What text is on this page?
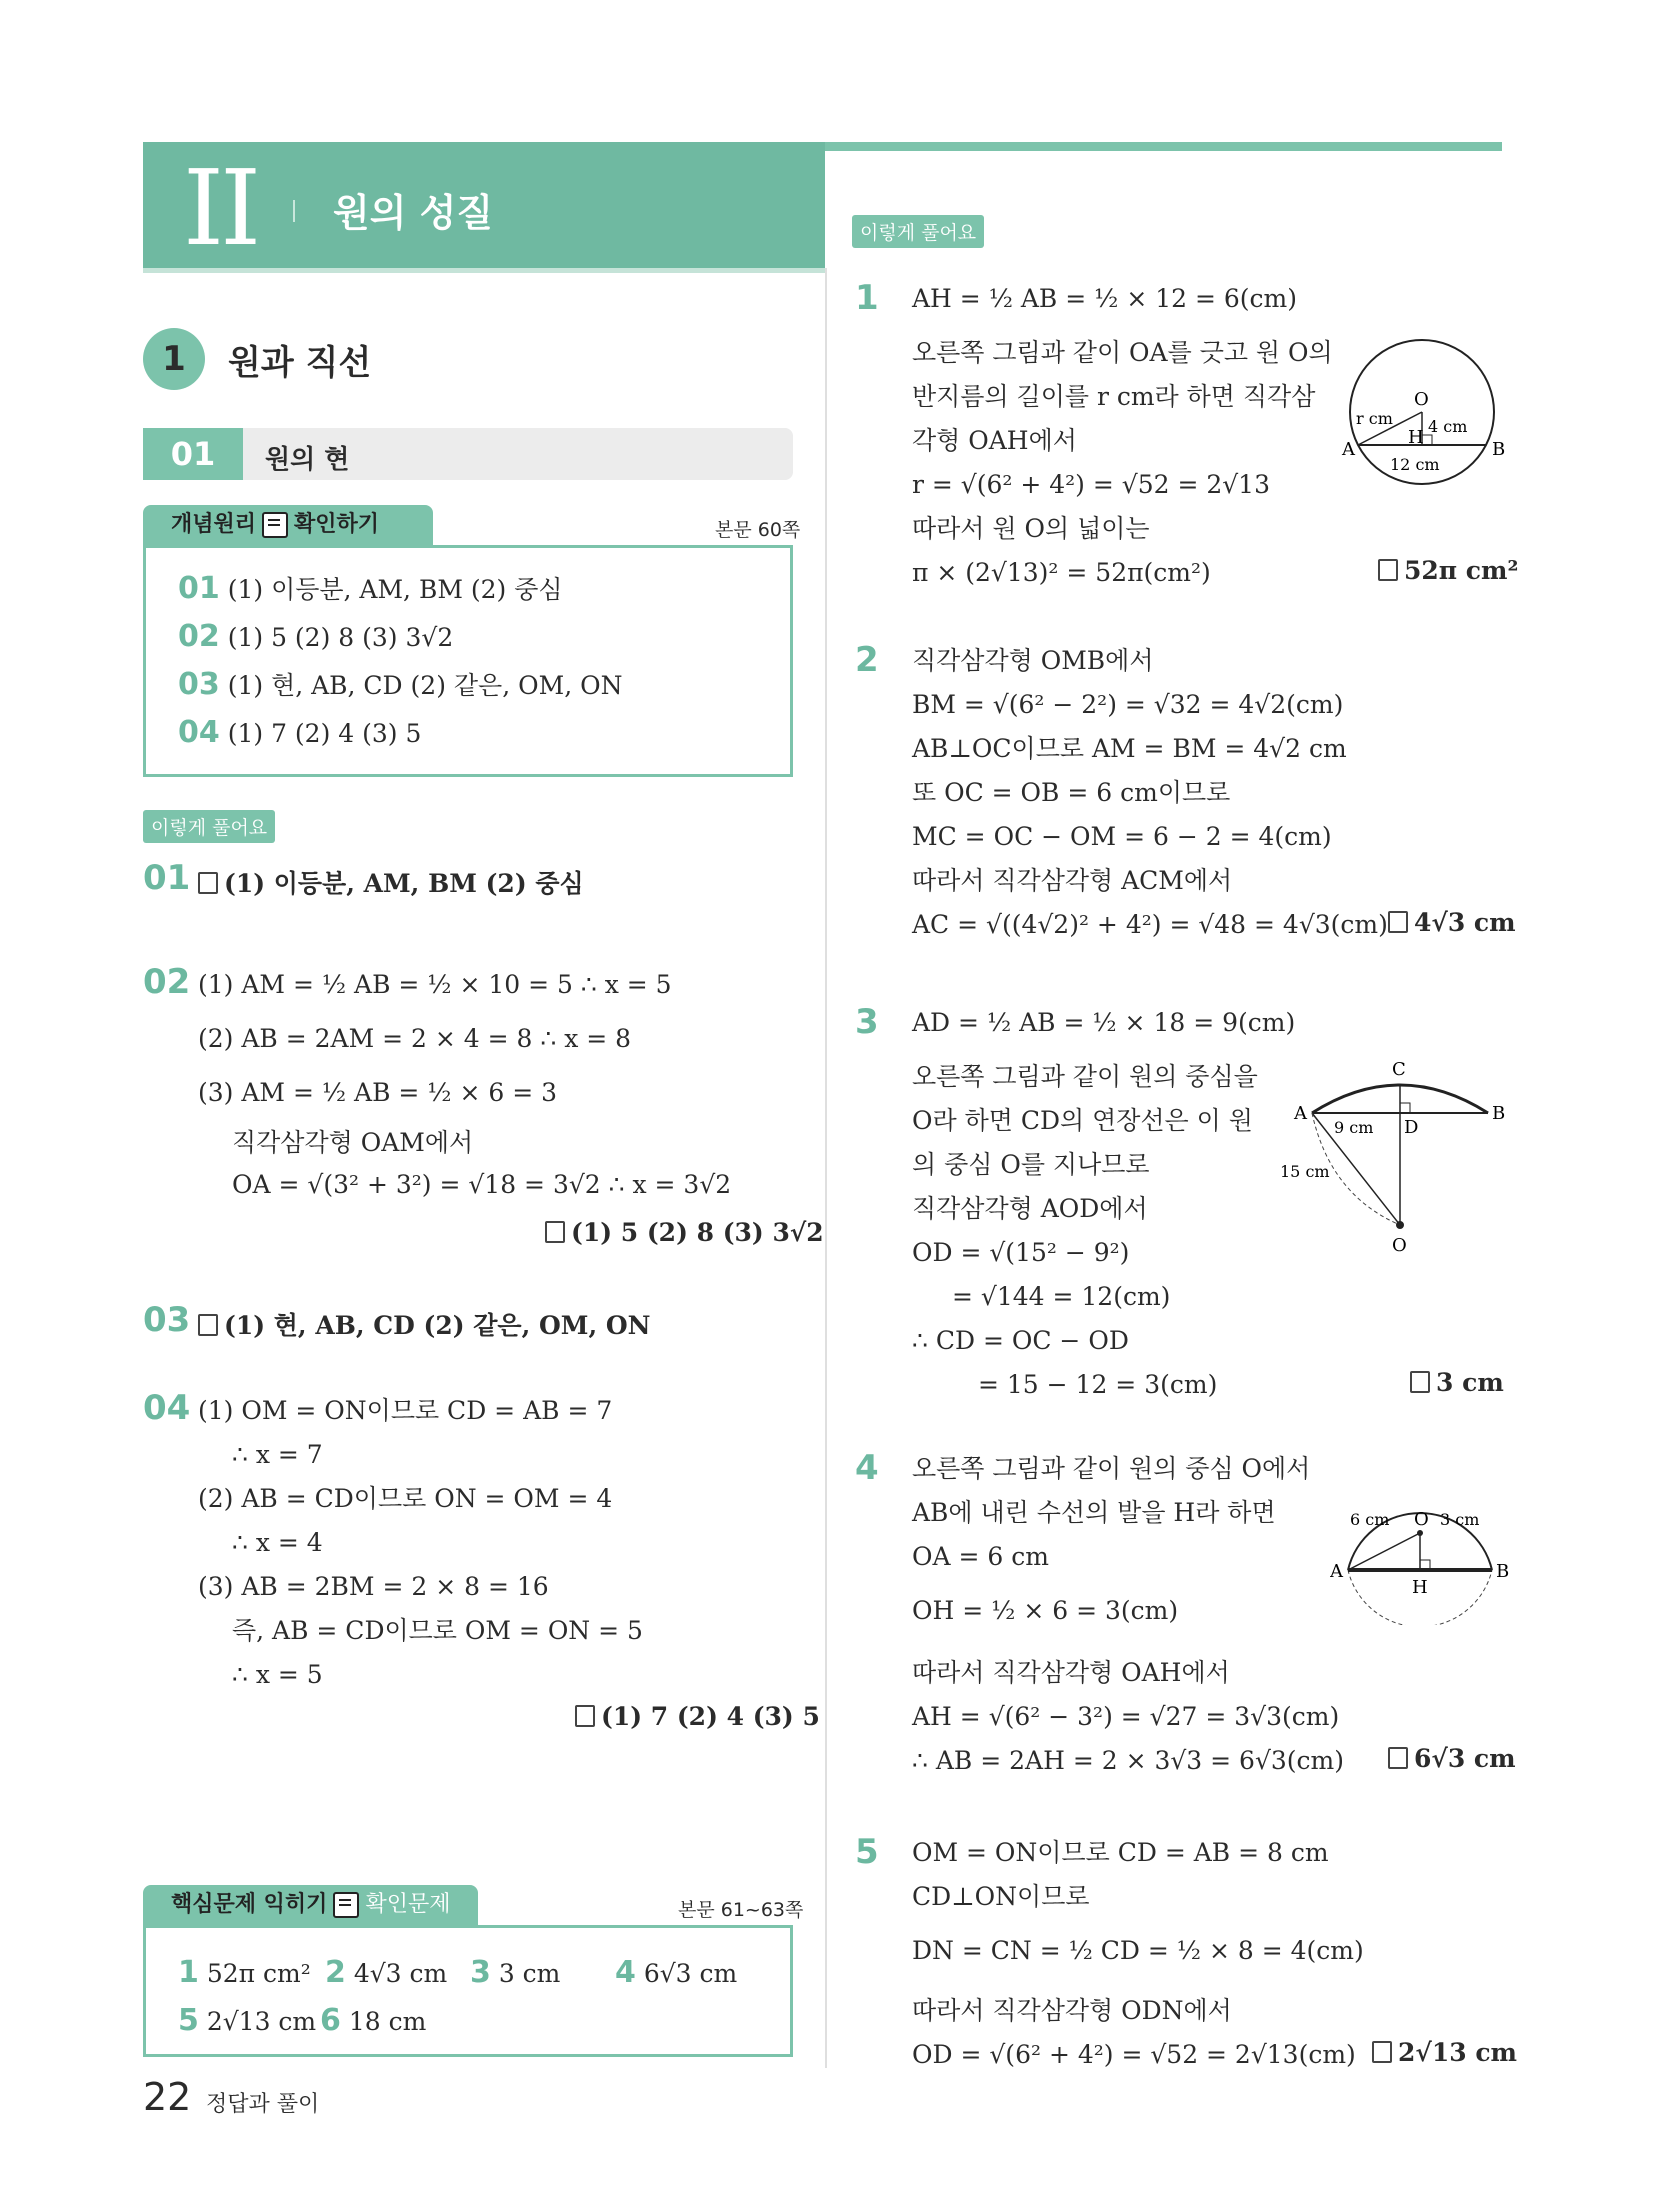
II 원의 성질
1	원과 직선
01	원의 현
개념원리 확인하기	본문 60쪽
01 (1) 이등분, AM, BM (2) 중심
02 (1) 5 (2) 8 (3) 3√2
03 (1) 현, AB, CD (2) 같은, OM, ON
04 (1) 7 (2) 4 (3) 5
이렇게 풀어요
01	(1) 이등분, AM, BM (2) 중심
02 (1) AM = ½ AB = ½ × 10 = 5 ∴ x = 5
(2) AB = 2AM = 2 × 4 = 8 ∴ x = 8
(3) AM = ½ AB = ½ × 6 = 3
직각삼각형 OAM에서
OA = √(3² + 3²) = √18 = 3√2 ∴ x = 3√2
(1) 5 (2) 8 (3) 3√2
03	(1) 현, AB, CD (2) 같은, OM, ON
04 (1) OM = ON이므로 CD = AB = 7
∴ x = 7
(2) AB = CD이므로 ON = OM = 4
∴ x = 4
(3) AB = 2BM = 2 × 8 = 16
즉, AB = CD이므로 OM = ON = 5
∴ x = 5
(1) 7 (2) 4 (3) 5
핵심문제 익히기 확인문제	본문 61~63쪽
1 52π cm² 2 4√3 cm 3 3 cm 4 6√3 cm
5 2√13 cm 6 18 cm
이렇게 풀어요
1 AH = ½ AB = ½ × 12 = 6(cm)
오른쪽 그림과 같이 OA를 긋고 원 O의
반지름의 길이를 r cm라 하면 직각삼
각형 OAH에서
r = √(6² + 4²) = √52 = 2√13
따라서 원 O의 넓이는
π × (2√13)² = 52π(cm²)	52π cm²
O
A	B
H
r cm 4 cm
12 cm
2 직각삼각형 OMB에서
BM = √(6² − 2²) = √32 = 4√2(cm)
AB⊥OC이므로 AM = BM = 4√2 cm
또 OC = OB = 6 cm이므로
MC = OC − OM = 6 − 2 = 4(cm)
따라서 직각삼각형 ACM에서
AC = √((4√2)² + 4²) = √48 = 4√3(cm)	4√3 cm
3 AD = ½ AB = ½ × 18 = 9(cm)
오른쪽 그림과 같이 원의 중심을
O라 하면 CD의 연장선은 이 원
의 중심 O를 지나므로
직각삼각형 AOD에서
OD = √(15² − 9²)
= √144 = 12(cm)
∴ CD = OC − OD
= 15 − 12 = 3(cm)	3 cm
C
A	B
D
O
9 cm
15 cm
4 오른쪽 그림과 같이 원의 중심 O에서
AB에 내린 수선의 발을 H라 하면
OA = 6 cm
OH = ½ × 6 = 3(cm)
따라서 직각삼각형 OAH에서
AH = √(6² − 3²) = √27 = 3√3(cm)
∴ AB = 2AH = 2 × 3√3 = 6√3(cm)	6√3 cm
O
A	B
H
6 cm	3 cm
5 OM = ON이므로 CD = AB = 8 cm
CD⊥ON이므로
DN = CN = ½ CD = ½ × 8 = 4(cm)
따라서 직각삼각형 ODN에서
OD = √(6² + 4²) = √52 = 2√13(cm)	2√13 cm
22 정답과 풀이
